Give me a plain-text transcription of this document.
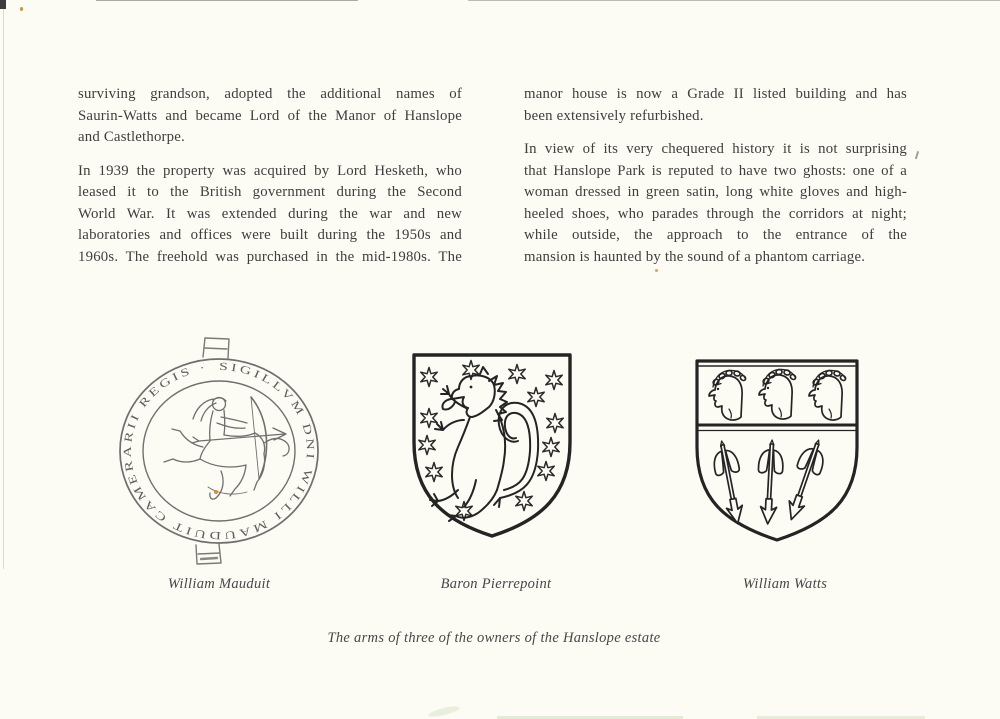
surviving grandson, adopted the additional names of
Saurin-Watts and became Lord of the Manor of Hanslope
and Castlethorpe.
In 1939 the property was acquired by Lord Hesketh, who
leased it to the British government during the Second
World War. It was extended during the war and new
laboratories and offices were built during the 1950s and
1960s. The freehold was purchased in the mid-1980s. The
manor house is now a Grade II listed building and has
been extensively refurbished.
In view of its very chequered history it is not surprising
that Hanslope Park is reputed to have two ghosts: one of a
woman dressed in green satin, long white gloves and high-
heeled shoes, who parades through the corridors at night;
while outside, the approach to the entrance of the
mansion is haunted by the sound of a phantom carriage.
SIGILLVM DNI WILLI MAUDUIT CAMERARII REGIS ·
William Mauduit	Baron Pierrepoint	William Watts
The arms of three of the owners of the Hanslope estate
